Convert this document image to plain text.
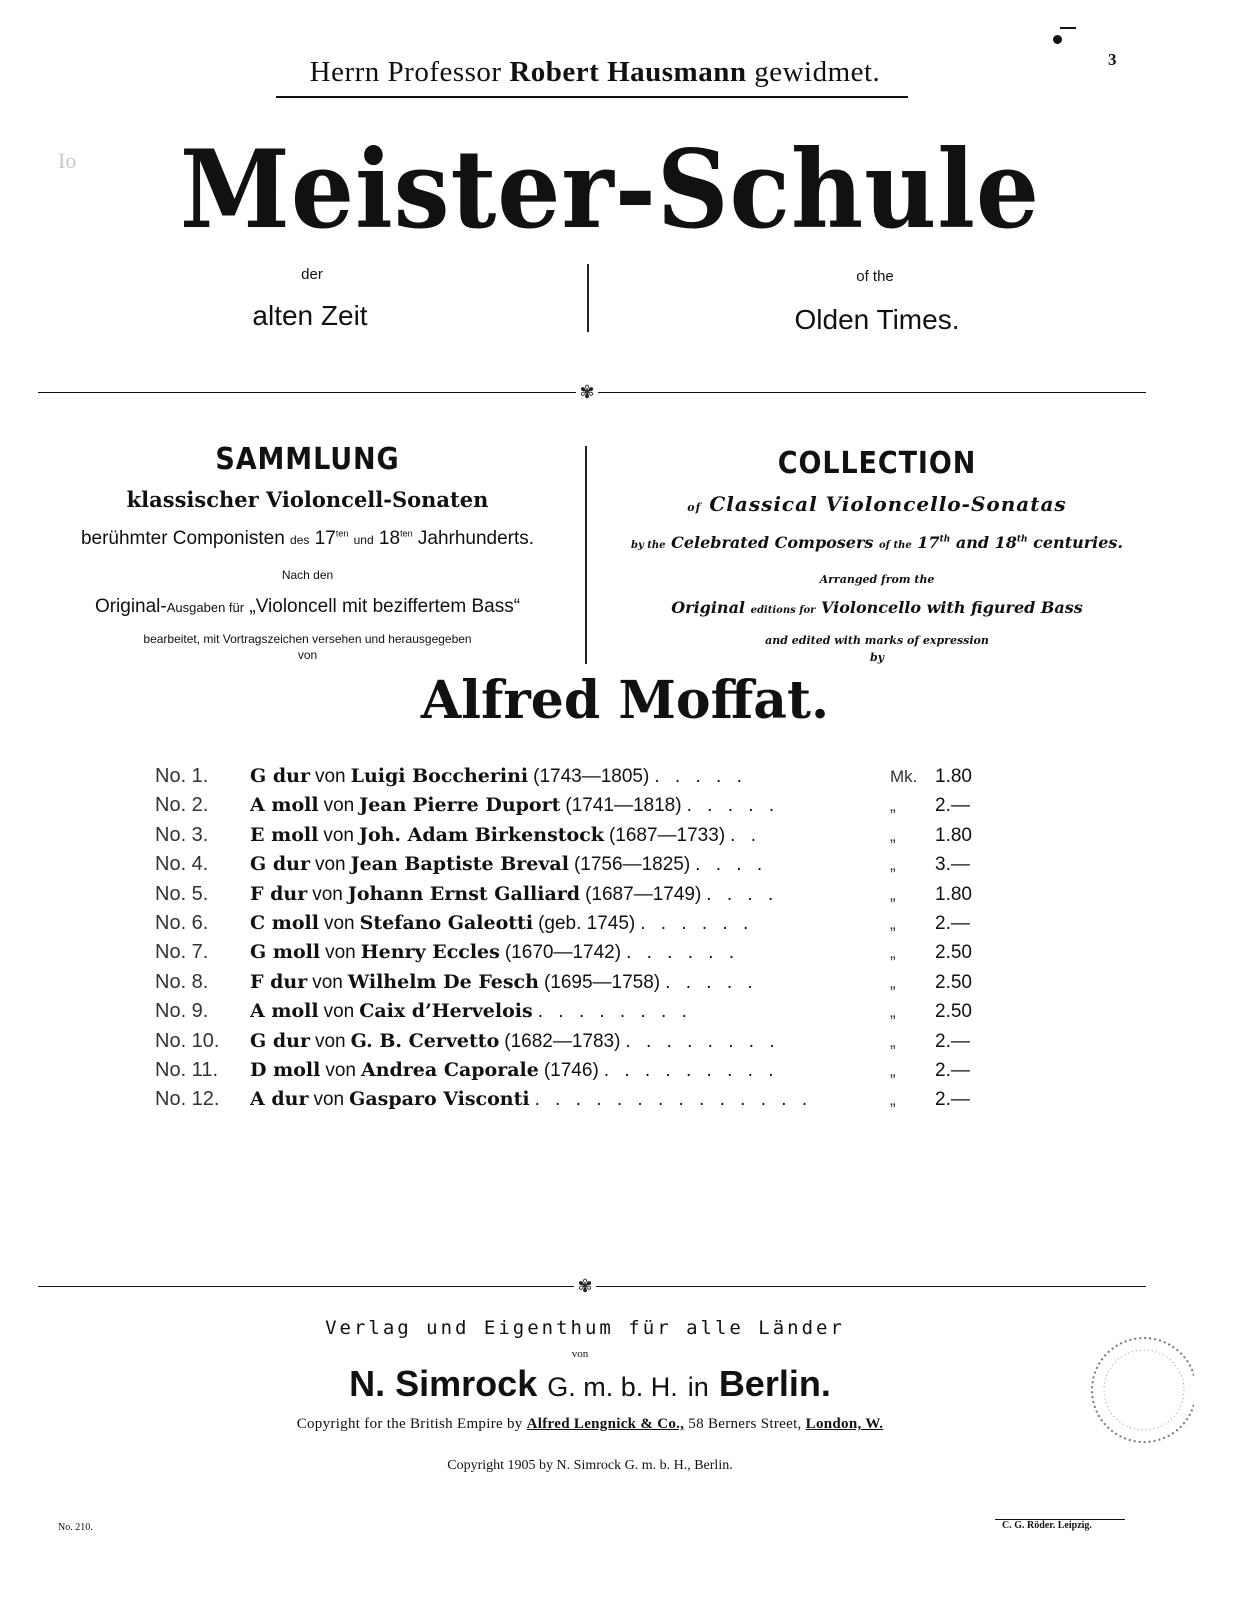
3
Herrn Professor Robert Hausmann gewidmet.
Io Meister-Schule
der
alten Zeit
of the
Olden Times.
✾
SAMMLUNG
klassischer Violoncell-Sonaten
berühmter Componisten des $17^{ten}$ und $18^{ten}$ Jahrhunderts.
Nach den
Original-Ausgaben für „Violoncell mit beziffertem Bass“
bearbeitet, mit Vortragszeichen versehen und herausgegeben
von
COLLECTION
of Classical Violoncello-Sonatas
by the Celebrated Composers of the 17th and 18th centuries.
Arranged from the
Original editions for Violoncello with figured Bass
and edited with marks of expression
by
Alfred Moffat.
No. 1.	G dur von Luigi Boccherini (1743—1805) . . . . .	Mk. 1.80
No. 2.	A moll von Jean Pierre Duport (1741—1818) . . . . .	„	2.—
No. 3.	E moll von Joh. Adam Birkenstock (1687—1733) . .	„	1.80
No. 4.	G dur von Jean Baptiste Breval (1756—1825) . . . .	„	3.—
No. 5.	F dur von Johann Ernst Galliard (1687—1749) . . . .	„	1.80
No. 6.	C moll von Stefano Galeotti (geb. 1745) . . . . . .	„	2.—
No. 7.	G moll von Henry Eccles (1670—1742) . . . . . .	„	2.50
No. 8.	F dur von Wilhelm De Fesch (1695—1758) . . . . .	„	2.50
No. 9.	A moll von Caix d’Hervelois . . . . . . . .	„	2.50
No. 10.	G dur von G. B. Cervetto (1682—1783) . . . . . . . .	„	2.—
No. 11.	D moll von Andrea Caporale (1746) . . . . . . . . .	„	2.—
No. 12.	A dur von Gasparo Visconti . . . . . . . . . . . . . .	„	2.—
✾
Verlag und Eigenthum für alle Länder
von
N. Simrock G. m. b. H. in Berlin.
Copyright for the British Empire by Alfred Lengnick & Co., 58 Berners Street, London, W.
Copyright 1905 by N. Simrock G. m. b. H., Berlin.
No. 210.	C. G. Röder. Leipzig.
